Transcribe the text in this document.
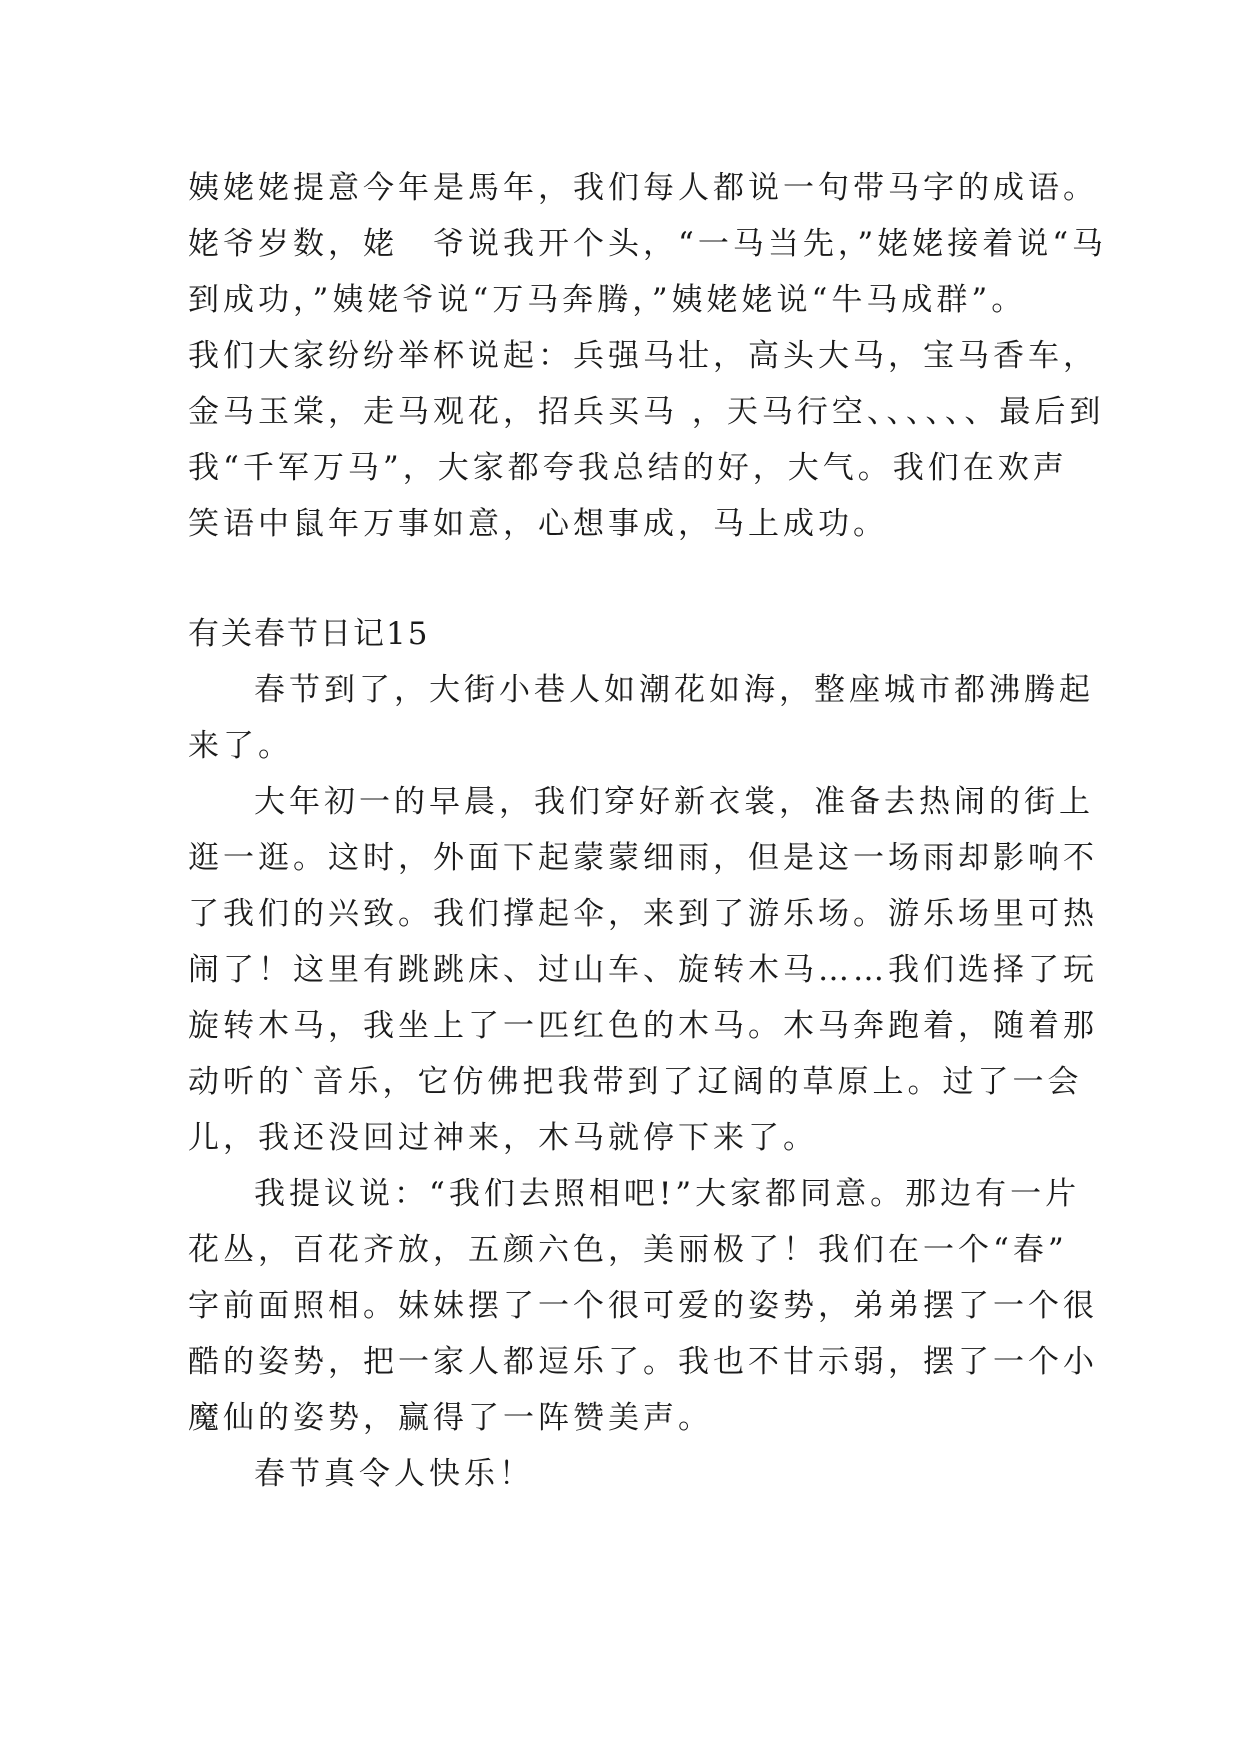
姨姥姥提意今年是馬年，我们每人都说一句带马字的成语。
姥爷岁数，姥　爷说我开个头，“一马当先，”姥姥接着说“马
到成功，”姨姥爷说“万马奔腾，”姨姥姥说“牛马成群”。
我们大家纷纷举杯说起：兵强马壮，高头大马，宝马香车，
金马玉棠，走马观花，招兵买马 ，天马行空、、、、、、最后到
我“千军万马”，大家都夸我总结的好，大气。我们在欢声
笑语中鼠年万事如意，心想事成，马上成功。
有关春节日记15
春节到了，大街小巷人如潮花如海，整座城市都沸腾起
来了。
大年初一的早晨，我们穿好新衣裳，准备去热闹的街上
逛一逛。这时，外面下起蒙蒙细雨，但是这一场雨却影响不
了我们的兴致。我们撑起伞，来到了游乐场。游乐场里可热
闹了！这里有跳跳床、过山车、旋转木马……我们选择了玩
旋转木马，我坐上了一匹红色的木马。木马奔跑着，随着那
动听的`音乐，它仿佛把我带到了辽阔的草原上。过了一会
儿，我还没回过神来，木马就停下来了。
我提议说：“我们去照相吧!”大家都同意。那边有一片
花丛，百花齐放，五颜六色，美丽极了！我们在一个“春”
字前面照相。妹妹摆了一个很可爱的姿势，弟弟摆了一个很
酷的姿势，把一家人都逗乐了。我也不甘示弱，摆了一个小
魔仙的姿势，赢得了一阵赞美声。
春节真令人快乐！
